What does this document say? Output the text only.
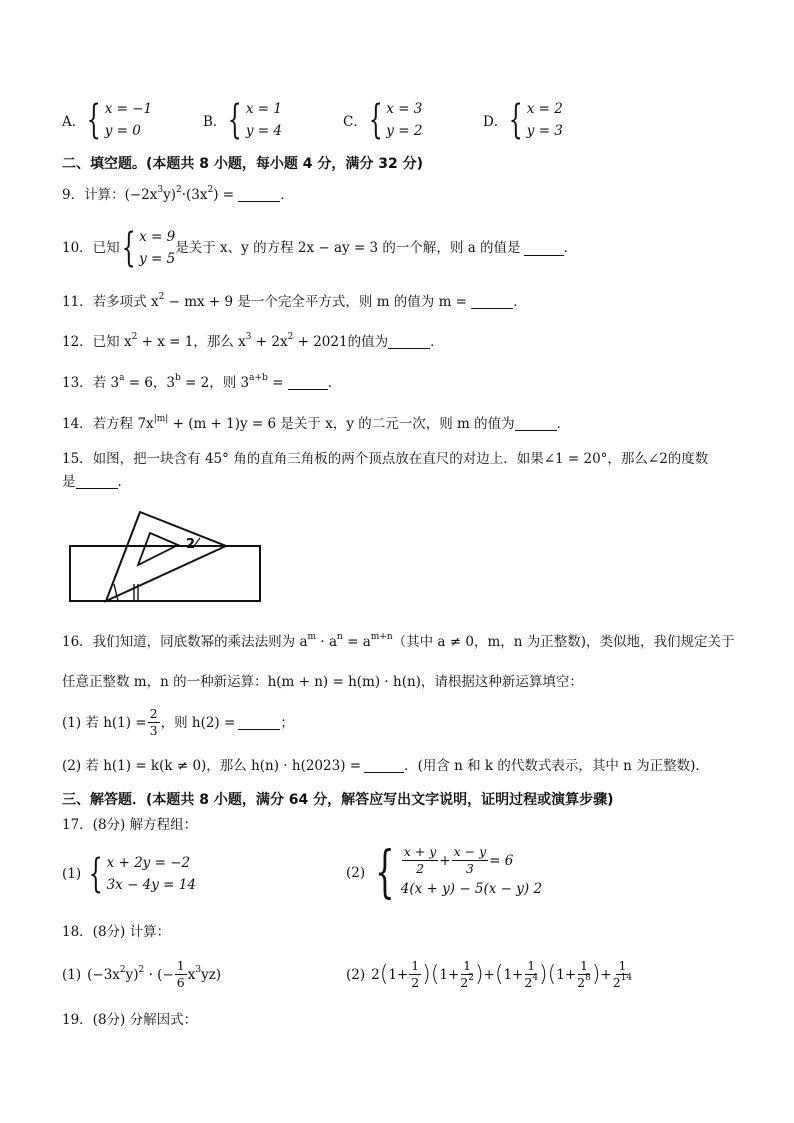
A． { x = −1
y = 0
B． { x = 1
y = 4
C． { x = 3
y = 2
D． { x = 2
y = 3
二、填空题。(本题共 8 小题，每小题 4 分，满分 32 分)
9．计算：$(-2x^3y)^2\cdot(3x^2)$ =	．
10．已知 { x = 9
y = 5
是关于 x、y 的方程 2x − ay = 3 的一个解，则 a 的值是	．
11．若多项式 $x^2$ − mx + 9 是一个完全平方式，则 m 的值为 m =	．
12．已知 $x^2 + x = 1$，那么 $x^3 + 2x^2 + 2021$的值为	．
13．若 $3^a = 6$，$3^b = 2$，则 $3^{a+b}$ =	．
14．若方程 $7x^{|m|} + (m + 1)y = 6$ 是关于 x，y 的二元一次，则 m 的值为	．
15．如图，把一块含有 45° 角的直角三角板的两个顶点放在直尺的对边上．如果∠1 = 20°，那么∠2的度数
是	．
2
16．我们知道，同底数幂的乘法法则为 $a^m \cdot a^n = a^{m+n}$（其中 a ≠ 0，m，n 为正整数)，类似地，我们规定关于
任意正整数 m，n 的一种新运算：h(m + n) = h(m) · h(n)，请根据这种新运算填空：
(1) 若 $h(1) = \frac{2}{3}$ ，则 h(2) =	；
(2) 若 h(1) = k(k ≠ 0)，那么 h(n) · h(2023) =	．(用含 n 和 k 的代数式表示，其中 n 为正整数)．
三、解答题．(本题共 8 小题，满分 64 分，解答应写出文字说明，证明过程或演算步骤)
17．(8分) 解方程组：
(1) { x + 2y = −2
3x − 4y = 14
(2) { $\frac{x + y}{2} + \frac{x - y}{3} = 6$
4(x + y) − 5(x − y) 2
18．(8分) 计算：
(1) $(-3x^2y)^2$ · (− $\frac{1}{6} x^3yz$)	(2) 2 ( $1 + \frac{1}{2}$ ) ( $1 + \frac{1}{2^2}$ ) + ( $1 + \frac{1}{2^4}$ ) ( $1 + \frac{1}{2^8}$ ) + $\frac{1}{2^{14}}$
19．(8分) 分解因式：
